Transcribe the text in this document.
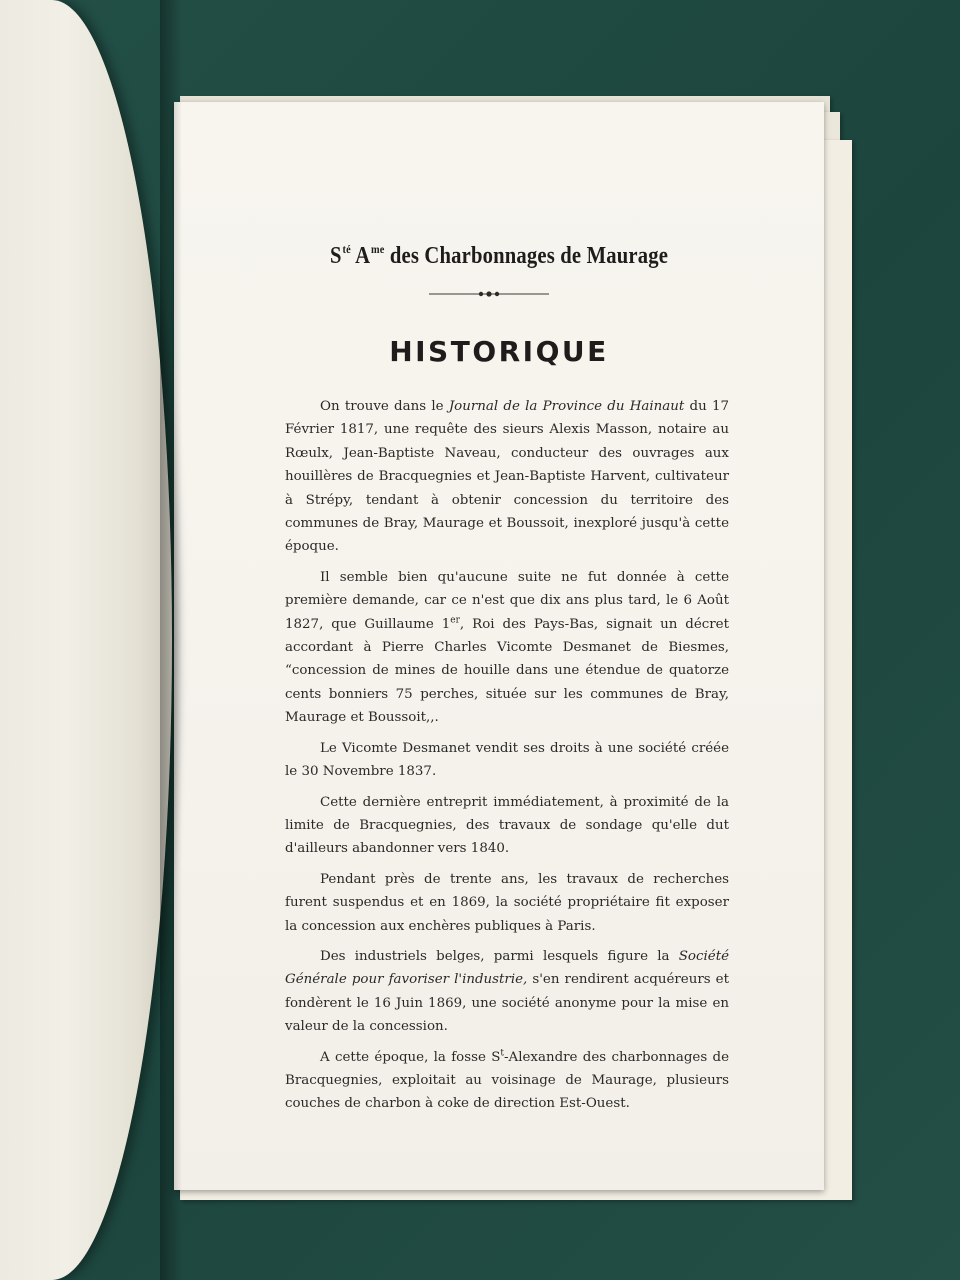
$S^{té}$ $A^{me}$ des Charbonnages de Maurage
HISTORIQUE

On trouve dans le Journal de la Province du Hainaut du 17 Février 1817, une requête des sieurs Alexis Masson, notaire au Rœulx, Jean-Baptiste Naveau, conducteur des ouvrages aux houillères de Bracquegnies et Jean-Baptiste Harvent, cultivateur à Strépy, tendant à obtenir concession du territoire des communes de Bray, Maurage et Boussoit, inexploré jusqu'à cette époque.

Il semble bien qu'aucune suite ne fut donnée à cette première demande, car ce n'est que dix ans plus tard, le 6 Août 1827, que Guillaume 1er, Roi des Pays-Bas, signait un décret accordant à Pierre Charles Vicomte Desmanet de Biesmes, “concession de mines de houille dans une étendue de quatorze cents bonniers 75 perches, située sur les communes de Bray, Maurage et Boussoit,,.

Le Vicomte Desmanet vendit ses droits à une société créée le 30 Novembre 1837.

Cette dernière entreprit immédiatement, à proximité de la limite de Bracquegnies, des travaux de sondage qu'elle dut d'ailleurs abandonner vers 1840.

Pendant près de trente ans, les travaux de recherches furent suspendus et en 1869, la société propriétaire fit exposer la concession aux enchères publiques à Paris.

Des industriels belges, parmi lesquels figure la Société Générale pour favoriser l'industrie, s'en rendirent acquéreurs et fondèrent le 16 Juin 1869, une société anonyme pour la mise en valeur de la concession.

A cette époque, la fosse $S^t$-Alexandre des charbonnages de Bracquegnies, exploitait au voisinage de Maurage, plusieurs couches de charbon à coke de direction Est-Ouest.
